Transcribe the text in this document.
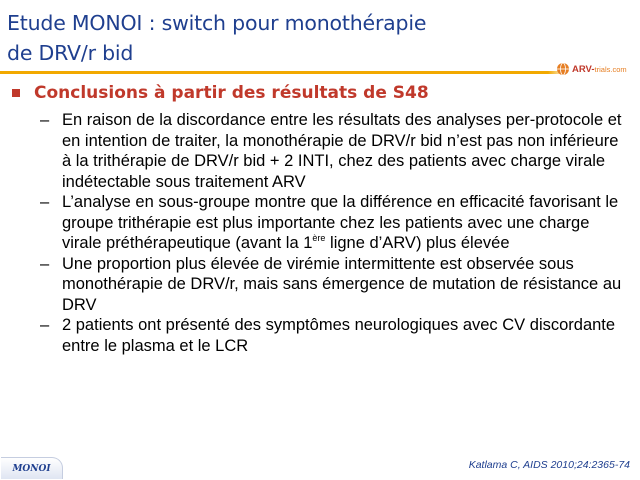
Etude MONOI : switch pour monothérapie
de DRV/r bid
ARV-trials.com
Conclusions à partir des résultats de S48
– En raison de la discordance entre les résultats des analyses per-protocole et en intention de traiter, la monothérapie de DRV/r bid n’est pas non inférieure à la trithérapie de DRV/r bid + 2 INTI, chez des patients avec charge virale indétectable sous traitement ARV
– L’analyse en sous-groupe montre que la différence en efficacité favorisant le groupe trithérapie est plus importante chez les patients avec une charge virale préthérapeutique (avant la 1ère ligne d’ARV) plus élevée
– Une proportion plus élevée de virémie intermittente est observée sous monothérapie de DRV/r, mais sans émergence de mutation de résistance au DRV
– 2 patients ont présenté des symptômes neurologiques avec CV discordante entre le plasma et le LCR
MONOI	Katlama C, AIDS 2010;24:2365-74
